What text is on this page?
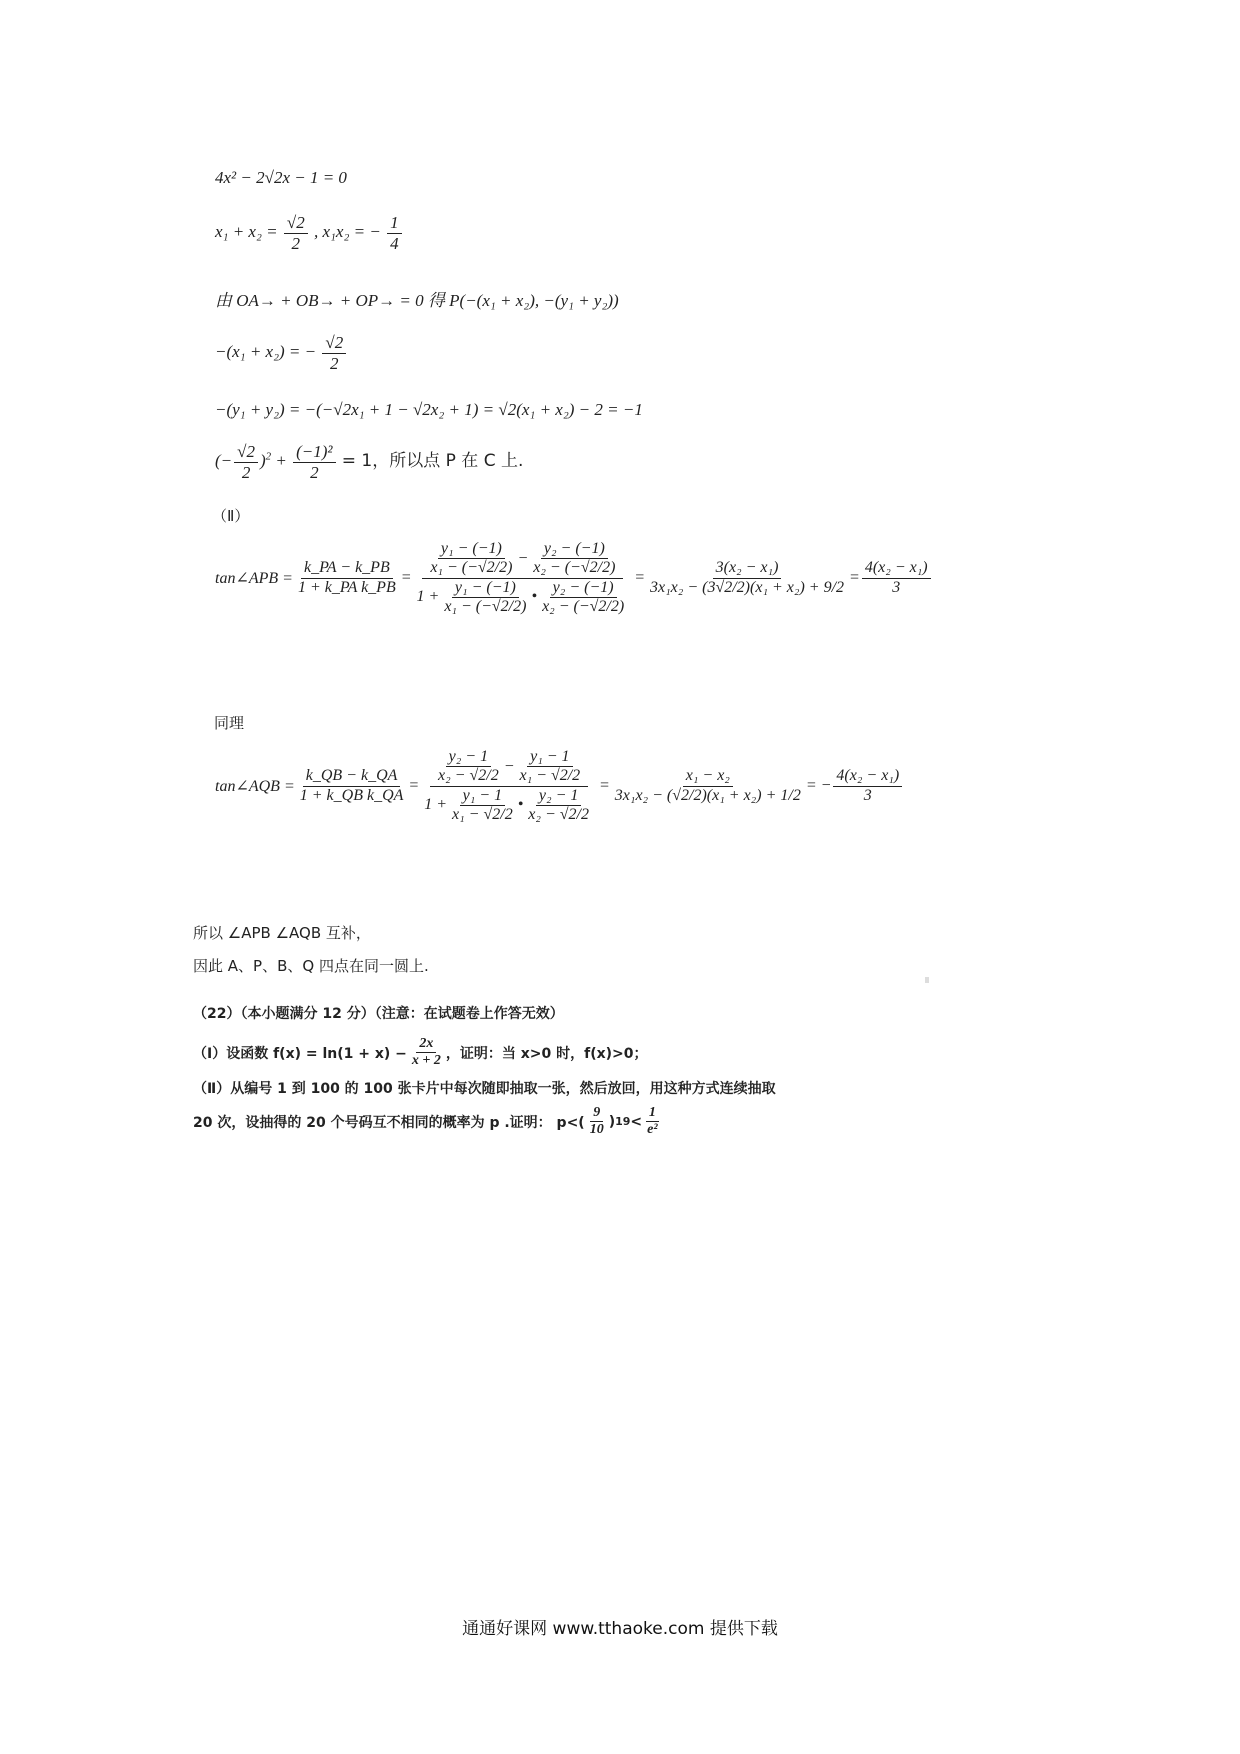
4x² − 2√2x − 1 = 0
$x_1 + x_2 = \frac{√2}{2}$ , x₁x₂ = − $\frac{1}{4}$
由 OA→ + OB→ + OP→ = 0 得 P(−(x₁ + x₂), −(y₁ + y₂))
−(x₁ + x₂) = − $\frac{√2}{2}$
−(y₁ + y₂) = −(−√2x₁ + 1 − √2x₂ + 1) = √2(x₁ + x₂) − 2 = −1
(− $\frac{√2}{2} )^2 + \frac{\text{(−1)²}}{2} = 1$，所以点 P 在 C 上.
（Ⅱ）
tan∠APB = $\frac{k\_PA - k\_PB}{\text{1 + k\_PA k\_PB}} = \frac{\text{y₁ − (−1)}}{\text{x₁ − (−√2/2)}} - \frac{\text{y₂ − (−1)}}{\text{x₂ − (−√2/2)}}$
$1 + \frac{\text{y₁ − (−1)}}{\text{x₁ − (−√2/2)}}$ • $\frac{\text{y₂ − (−1)}}{\text{x₂ − (−√2/2)}}$
= $\frac{\text{3(x₂ − x₁)}}{\text{3x₁x₂ − (3√2/2)(x₁ + x₂) + 9/2}} = \frac{\text{4(x₂ − x₁)}}{3}$
同理
tan∠AQB = $\frac{k\_QB - k\_QA}{\text{1 + k\_QB k\_QA}} = \frac{\text{y₂ − 1}}{\text{x₂ − √2/2}} - \frac{\text{y₁ − 1}}{\text{x₁ − √2/2}}$
$1 + \frac{\text{y₁ − 1}}{\text{x₁ − √2/2}}$ • $\frac{\text{y₂ − 1}}{\text{x₂ − √2/2}}$
= $\frac{\text{x₁ − x₂}}{\text{3x₁x₂ − (√2/2)(x₁ + x₂) + 1/2}}$ = − $\frac{\text{4(x₂ − x₁)}}{3}$
所以 ∠APB ∠AQB 互补，
因此 A、P、B、Q 四点在同一圆上.
（22）（本小题满分 12 分）（注意：在试题卷上作答无效）
（Ⅰ）设函数 $f(x) = \ln(1 + x) - \frac{2x}{x + 2}$ ，证明：当 x>0 时，f(x)>0；
（Ⅱ）从编号 1 到 100 的 100 张卡片中每次随即抽取一张，然后放回，用这种方式连续抽取
20 次，设抽得的 20 个号码互不相同的概率为 p .证明： $p<( \frac{9}{10}$ ) $19 < \frac{1}{\text{e²}}$
通通好课网 www.tthaoke.com 提供下载
